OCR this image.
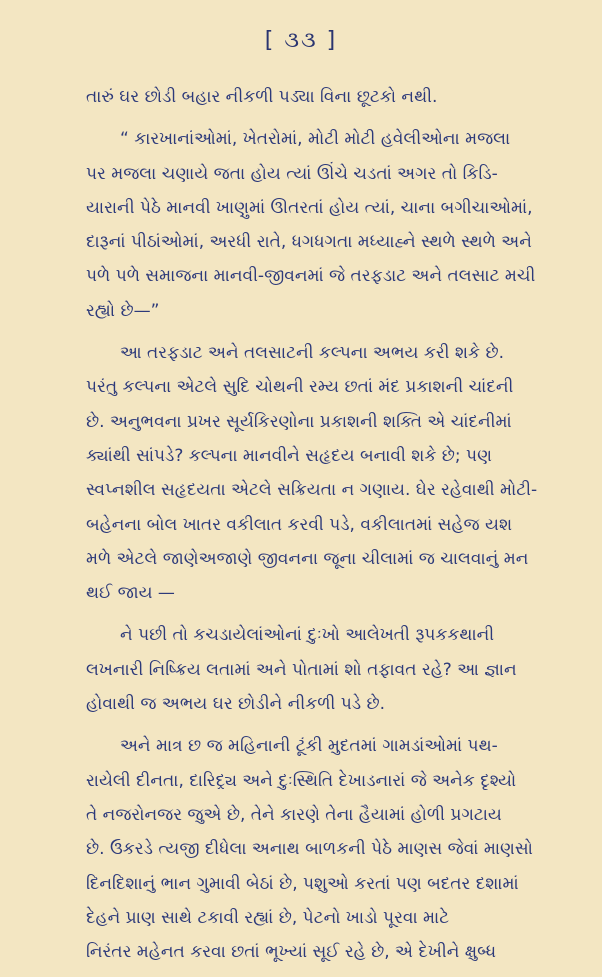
[ ૩૩ ]

તારું ઘર છોડી બહાર નીકળી પડ્યા વિના છૂટકો નથી.

“ કારખાનાંઓમાં, ખેતરોમાં, મોટી મોટી હવેલીઓના મજલા
પર મજલા ચણાયે જતા હોય ત્યાં ઊંચે ચડતાં અગર તો કિડિ-
યારાની પેઠે માનવી ખાણુમાં ઊતરતાં હોય ત્યાં, ચાના બગીચાઓમાં,
દારૂનાં પીઠાંઓમાં, અરધી રાતે, ધગધગતા મધ્યાહ્ને સ્થળે સ્થળે અને
પળે પળે સમાજના માનવી-જીવનમાં જે તરફડાટ અને તલસાટ મચી
રહ્યો છે—”

આ તરફડાટ અને તલસાટની કલ્પના અભય કરી શકે છે.
પરંતુ કલ્પના એટલે સુદિ ચોથની રમ્ય છતાં મંદ પ્રકાશની ચાંદની
છે. અનુભવના પ્રખર સૂર્યકિરણોના પ્રકાશની શક્તિ એ ચાંદનીમાં
ક્યાંથી સાંપડે? કલ્પના માનવીને સહૃદય બનાવી શકે છે; પણ
સ્વપ્નશીલ સહૃદયતા એટલે સક્રિયતા ન ગણાય. ઘેર રહેવાથી મોટી-
બહેનના બોલ ખાતર વકીલાત કરવી પડે, વકીલાતમાં સહેજ યશ
મળે એટલે જાણેઅજાણે જીવનના જૂના ચીલામાં જ ચાલવાનું મન
થઈ જાય —

ને પછી તો કચડાયેલાંઓનાં દુઃખો આલેખતી રૂપકકથાની
લખનારી નિષ્ક્રિય લતામાં અને પોતામાં શો તફાવત રહે? આ જ્ઞાન
હોવાથી જ અભય ઘર છોડીને નીકળી પડે છે.

અને માત્ર છ જ મહિનાની ટૂંકી મુદતમાં ગામડાંઓમાં પથ-
રાયેલી દીનતા, દારિદ્ર્ય અને દુઃસ્થિતિ દેખાડનારાં જે અનેક દૃશ્યો
તે નજરોનજર જુએ છે, તેને કારણે તેના હૈયામાં હોળી પ્રગટાય
છે. ઉકરડે ત્યજી દીધેલા અનાથ બાળકની પેઠે માણસ જેવાં માણસો
દિનદિશાનું ભાન ગુમાવી બેઠાં છે, પશુઓ કરતાં પણ બદતર દશામાં
દેહને પ્રાણ સાથે ટકાવી રહ્યાં છે, પેટનો ખાડો પૂરવા માટે
નિરંતર મહેનત કરવા છતાં ભૂખ્યાં સૂઈ રહે છે, એ દેખીને ક્ષુબ્ધ
